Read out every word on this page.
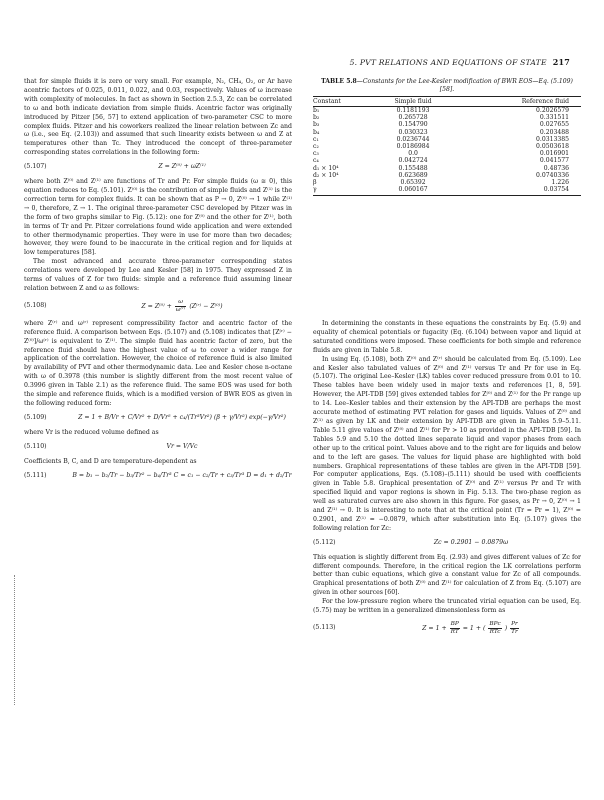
5. PVT RELATIONS AND EQUATIONS OF STATE 217

that for simple fluids it is zero or very small. For example, N₂, CH₄, O₂, or Ar have acentric factors of 0.025, 0.011, 0.022, and 0.03, respectively. Values of ω increase with complexity of molecules. In fact as shown in Section 2.5.3, Zc can be correlated to ω and both indicate deviation from simple fluids. Acentric factor was originally introduced by Pitzer [56, 57] to extend application of two-parameter CSC to more complex fluids. Pitzer and his coworkers realized the linear relation between Zc and ω (i.e., see Eq. (2.103)) and assumed that such linearity exists between ω and Z at temperatures other than Tc. They introduced the concept of three-parameter corresponding states correlations in the following form:

(5.107)	Z = Z⁽⁰⁾ + ωZ⁽¹⁾

where both Z⁽⁰⁾ and Z⁽¹⁾ are functions of Tr and Pr. For simple fluids (ω ≅ 0), this equation reduces to Eq. (5.101). Z⁽⁰⁾ is the contribution of simple fluids and Z⁽¹⁾ is the correction term for complex fluids. It can be shown that as P → 0, Z⁽⁰⁾ → 1 while Z⁽¹⁾ → 0, therefore, Z → 1. The original three-parameter CSC developed by Pitzer was in the form of two graphs similar to Fig. (5.12): one for Z⁽⁰⁾ and the other for Z⁽¹⁾, both in terms of Tr and Pr. Pitzer correlations found wide application and were extended to other thermodynamic properties. They were in use for more than two decades; however, they were found to be inaccurate in the critical region and for liquids at low temperatures [58].

The most advanced and accurate three-parameter corresponding states correlations were developed by Lee and Kesler [58] in 1975. They expressed Z in terms of values of Z for two fluids: simple and a reference fluid assuming linear relation between Z and ω as follows:

(5.108)	$Z = Z^{(0)} + \frac{\omega}{\text{ω⁽ʳ⁾}}$ (Z⁽ʳ⁾ − Z⁽⁰⁾)

where Z⁽ʳ⁾ and ω⁽ʳ⁾ represent compressibility factor and acentric factor of the reference fluid. A comparison between Eqs. (5.107) and (5.108) indicates that [Z⁽ʳ⁾ − Z⁽⁰⁾]/ω⁽ʳ⁾ is equivalent to Z⁽¹⁾. The simple fluid has acentric factor of zero, but the reference fluid should have the highest value of ω to cover a wider range for application of the correlation. However, the choice of reference fluid is also limited by availability of PVT and other thermodynamic data. Lee and Kesler chose n-octane with ω of 0.3978 (this number is slightly different from the most recent value of 0.3996 given in Table 2.1) as the reference fluid. The same EOS was used for both the simple and reference fluids, which is a modified version of BWR EOS as given in the following reduced form:

(5.109)	Z = 1 + B/Vr + C/Vr² + D/Vr⁵ + c₄/(Tr³Vr²) (β + γ/Vr²) exp(−γ/Vr²)

where Vr is the reduced volume defined as

(5.110)	Vr = V/Vc

Coefficients B, C, and D are temperature-dependent as

(5.111)	B = b₁ − b₂/Tr − b₃/Tr² − b₄/Tr³ C = c₁ − c₂/Tr + c₃/Tr³ D = d₁ + d₂/Tr
TABLE 5.8—Constants for the Lee-Kesler modification of BWR EOS—Eq. (5.109) [58].
Constant	Simple fluid	Reference fluid
b₁	0.1181193	0.2026579
b₂	0.265728	0.331511
b₃	0.154790	0.027655
b₄	0.030323	0.203488
c₁	0.0236744	0.0313385
c₂	0.0186984	0.0503618
c₃	0.0	0.016901
c₄	0.042724	0.041577
d₁ × 10⁴	0.155488	0.48736
d₂ × 10⁴	0.623689	0.0740336
β	0.65392	1.226
γ	0.060167	0.03754

In determining the constants in these equations the constraints by Eq. (5.9) and equality of chemical potentials or fugacity (Eq. (6.104) between vapor and liquid at saturated conditions were imposed. These coefficients for both simple and reference fluids are given in Table 5.8.

In using Eq. (5.108), both Z⁽⁰⁾ and Z⁽ʳ⁾ should be calculated from Eq. (5.109). Lee and Kesler also tabulated values of Z⁽⁰⁾ and Z⁽¹⁾ versus Tr and Pr for use in Eq. (5.107). The original Lee–Kesler (LK) tables cover reduced pressure from 0.01 to 10. These tables have been widely used in major texts and references [1, 8, 59]. However, the API-TDB [59] gives extended tables for Z⁽⁰⁾ and Z⁽¹⁾ for the Pr range up to 14. Lee–Kesler tables and their extension by the API-TDB are perhaps the most accurate method of estimating PVT relation for gases and liquids. Values of Z⁽⁰⁾ and Z⁽¹⁾ as given by LK and their extension by API-TDB are given in Tables 5.9–5.11. Table 5.11 give values of Z⁽⁰⁾ and Z⁽¹⁾ for Pr > 10 as provided in the API-TDB [59]. In Tables 5.9 and 5.10 the dotted lines separate liquid and vapor phases from each other up to the critical point. Values above and to the right are for liquids and below and to the left are gases. The values for liquid phase are highlighted with bold numbers. Graphical representations of these tables are given in the API-TDB [59]. For computer applications, Eqs. (5.108)–(5.111) should be used with coefficients given in Table 5.8. Graphical presentation of Z⁽⁰⁾ and Z⁽¹⁾ versus Pr and Tr with specified liquid and vapor regions is shown in Fig. 5.13. The two-phase region as well as saturated curves are also shown in this figure. For gases, as Pr → 0, Z⁽⁰⁾ → 1 and Z⁽¹⁾ → 0. It is interesting to note that at the critical point (Tr = Pr = 1), Z⁽⁰⁾ = 0.2901, and Z⁽¹⁾ = −0.0879, which after substitution into Eq. (5.107) gives the following relation for Zc:

(5.112)	Zc = 0.2901 − 0.0879ω

This equation is slightly different from Eq. (2.93) and gives different values of Zc for different compounds. Therefore, in the critical region the LK correlations perform better than cubic equations, which give a constant value for Zc of all compounds. Graphical presentations of both Z⁽⁰⁾ and Z⁽¹⁾ for calculation of Z from Eq. (5.107) are given in other sources [60].

For the low-pressure region where the truncated virial equation can be used, Eq. (5.75) may be written in a generalized dimensionless form as

(5.113)	$Z = 1 + \frac{BP}{RT} = 1$ + ( $\frac{\text{BPc}}{\text{RTc}}$ ) $\frac{Pr}{Tr}$
